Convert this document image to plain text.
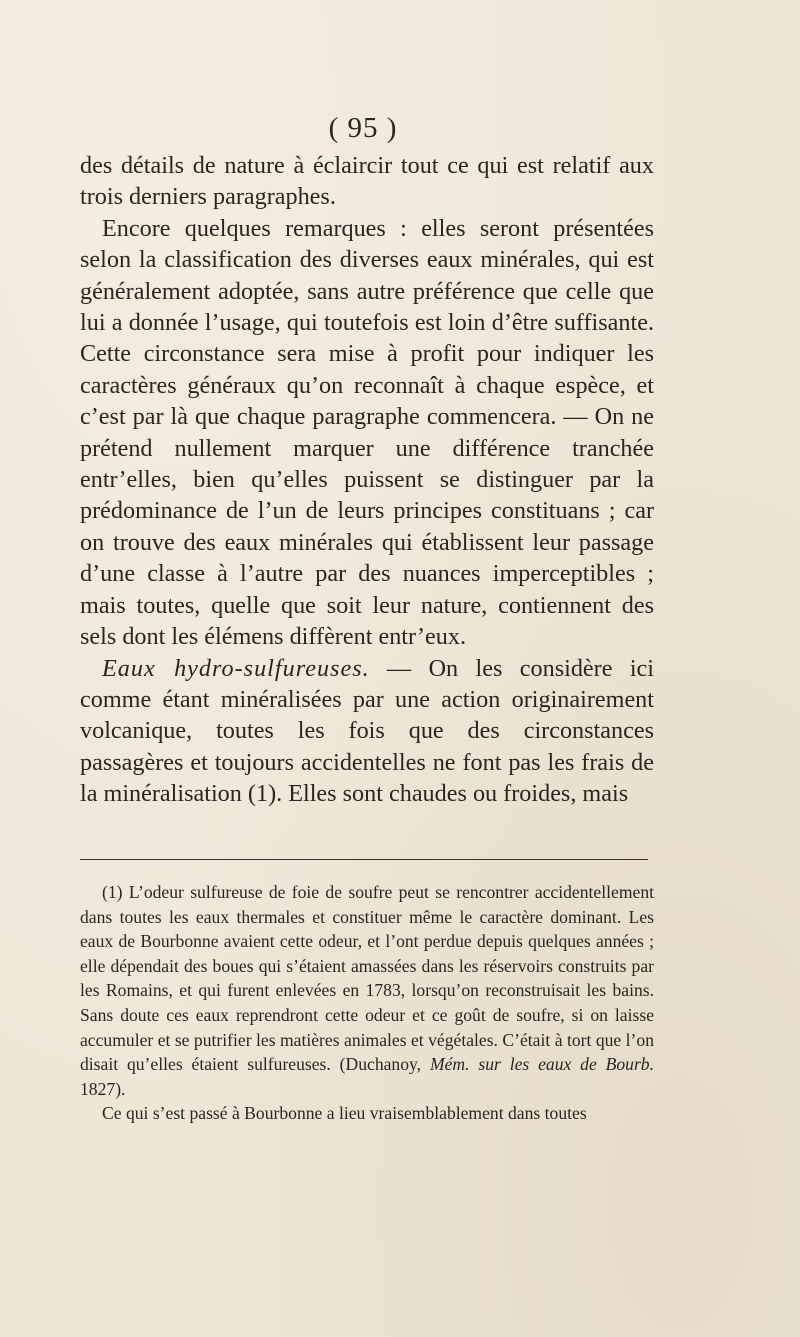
( 95 )

des détails de nature à éclaircir tout ce qui est relatif aux trois derniers paragraphes.

Encore quelques remarques : elles seront présentées selon la classification des diverses eaux minérales, qui est généralement adoptée, sans autre préférence que celle que lui a donnée l’usage, qui toutefois est loin d’être suffisante. Cette circonstance sera mise à profit pour indiquer les caractères généraux qu’on reconnaît à chaque espèce, et c’est par là que chaque paragraphe commencera. — On ne prétend nullement marquer une différence tranchée entr’elles, bien qu’elles puissent se distinguer par la prédominance de l’un de leurs principes constituans ; car on trouve des eaux minérales qui établissent leur passage d’une classe à l’autre par des nuances imperceptibles ; mais toutes, quelle que soit leur nature, contiennent des sels dont les élémens diffèrent entr’eux.

Eaux hydro-sulfureuses. — On les considère ici comme étant minéralisées par une action originairement volcanique, toutes les fois que des circonstances passagères et toujours accidentelles ne font pas les frais de la minéralisation (1). Elles sont chaudes ou froides, mais

(1) L’odeur sulfureuse de foie de soufre peut se rencontrer accidentellement dans toutes les eaux thermales et constituer même le caractère dominant. Les eaux de Bourbonne avaient cette odeur, et l’ont perdue depuis quelques années ; elle dépendait des boues qui s’étaient amassées dans les réservoirs construits par les Romains, et qui furent enlevées en 1783, lorsqu’on reconstruisait les bains. Sans doute ces eaux reprendront cette odeur et ce goût de soufre, si on laisse accumuler et se putrifier les matières animales et végétales. C’était à tort que l’on disait qu’elles étaient sulfureuses. (Duchanoy, Mém. sur les eaux de Bourb. 1827).

Ce qui s’est passé à Bourbonne a lieu vraisemblablement dans toutes
